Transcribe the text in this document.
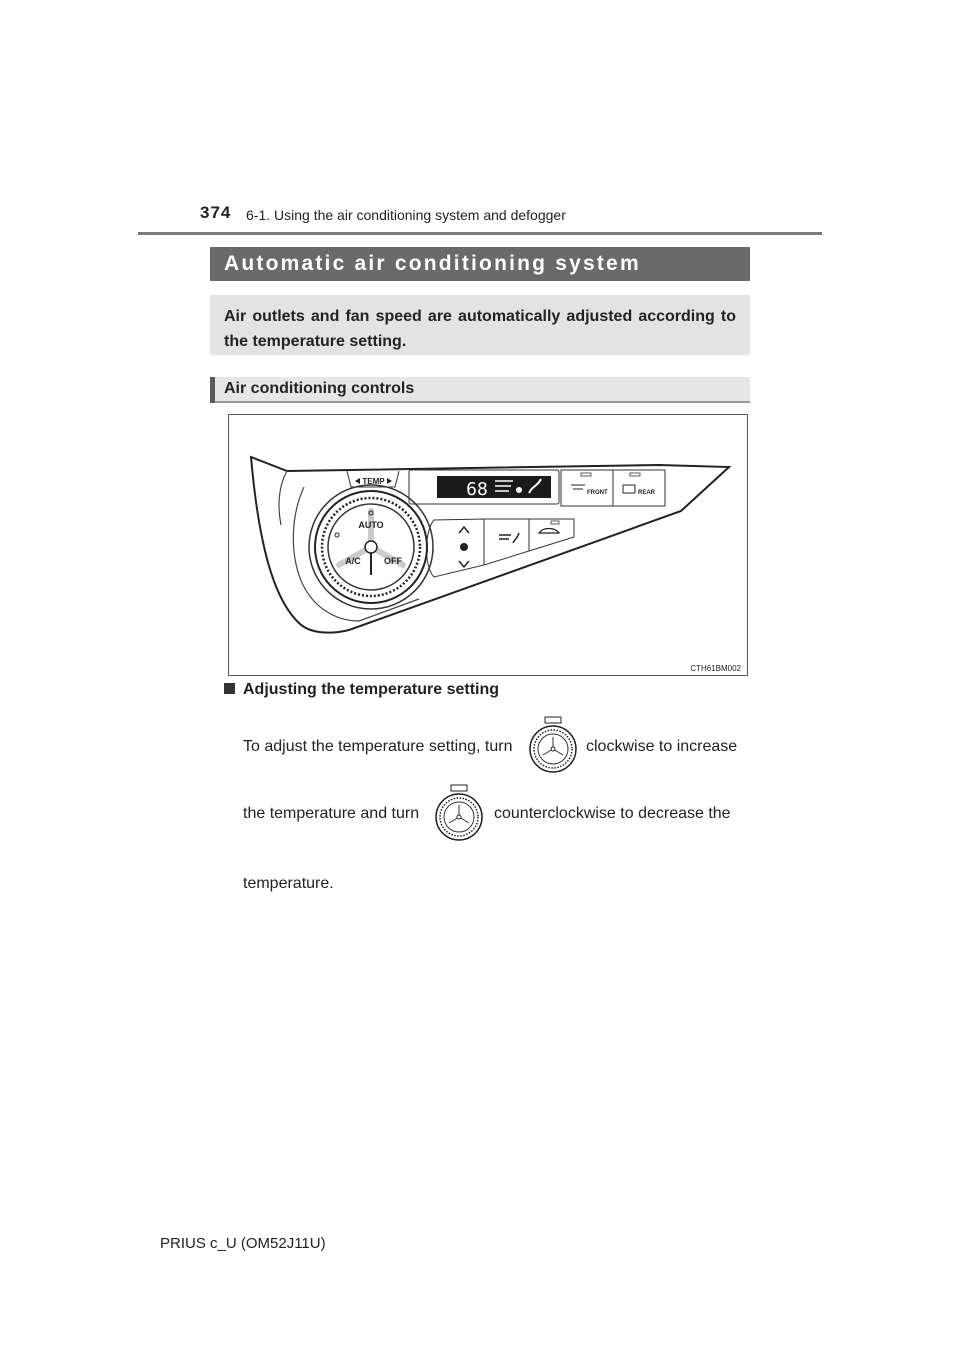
374 6-1. Using the air conditioning system and defogger
Automatic air conditioning system

Air outlets and fan speed are automatically adjusted according to the temperature setting.

Air conditioning controls
TEMP	68	FRONT	REAR
AUTO
A/C	OFF
CTH61BM002
Adjusting the temperature setting
To adjust the temperature setting, turn	clockwise to increase
the temperature and turn	counterclockwise to decrease the
temperature.
PRIUS c_U (OM52J11U)
